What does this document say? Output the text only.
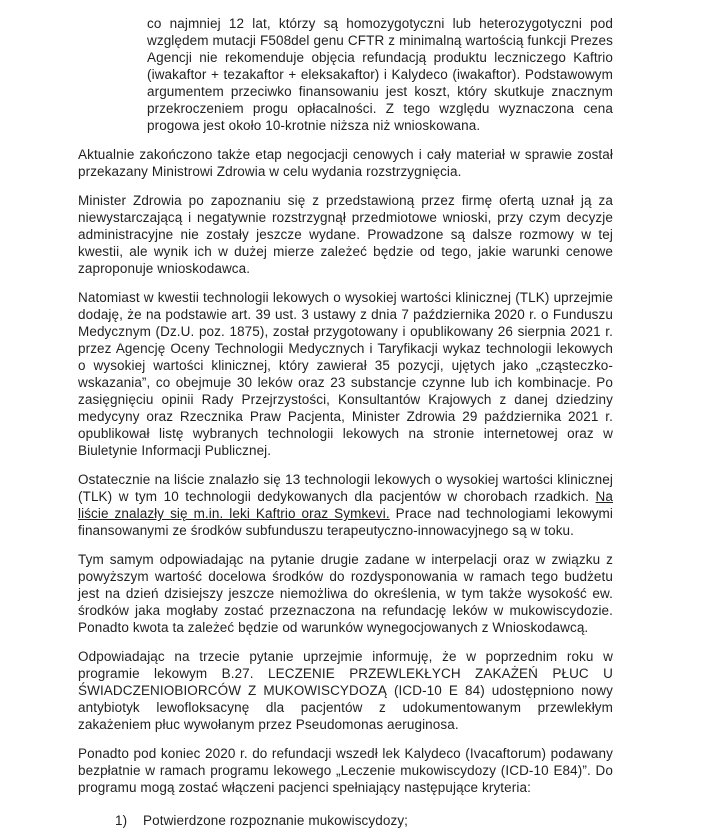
co najmniej 12 lat, którzy są homozygotyczni lub heterozygotyczni pod względem mutacji F508del genu CFTR z minimalną wartością funkcji Prezes Agencji nie rekomenduje objęcia refundacją produktu leczniczego Kaftrio (iwakaftor + tezakaftor + eleksakaftor) i Kalydeco (iwakaftor). Podstawowym argumentem przeciwko finansowaniu jest koszt, który skutkuje znacznym przekroczeniem progu opłacalności. Z tego względu wyznaczona cena progowa jest około 10-krotnie niższa niż wnioskowana.

Aktualnie zakończono także etap negocjacji cenowych i cały materiał w sprawie został przekazany Ministrowi Zdrowia w celu wydania rozstrzygnięcia.

Minister Zdrowia po zapoznaniu się z przedstawioną przez firmę ofertą uznał ją za niewystarczającą i negatywnie rozstrzygnął przedmiotowe wnioski, przy czym decyzje administracyjne nie zostały jeszcze wydane. Prowadzone są dalsze rozmowy w tej kwestii, ale wynik ich w dużej mierze zależeć będzie od tego, jakie warunki cenowe zaproponuje wnioskodawca.

Natomiast w kwestii technologii lekowych o wysokiej wartości klinicznej (TLK) uprzejmie dodaję, że na podstawie art. 39 ust. 3 ustawy z dnia 7 października 2020 r. o Funduszu Medycznym (Dz.U. poz. 1875), został przygotowany i opublikowany 26 sierpnia 2021 r. przez Agencję Oceny Technologii Medycznych i Taryfikacji wykaz technologii lekowych o wysokiej wartości klinicznej, który zawierał 35 pozycji, ujętych jako „cząsteczko-wskazania”, co obejmuje 30 leków oraz 23 substancje czynne lub ich kombinacje. Po zasięgnięciu opinii Rady Przejrzystości, Konsultantów Krajowych z danej dziedziny medycyny oraz Rzecznika Praw Pacjenta, Minister Zdrowia 29 października 2021 r. opublikował listę wybranych technologii lekowych na stronie internetowej oraz w Biuletynie Informacji Publicznej.

Ostatecznie na liście znalazło się 13 technologii lekowych o wysokiej wartości klinicznej (TLK) w tym 10 technologii dedykowanych dla pacjentów w chorobach rzadkich. Na liście znalazły się m.in. leki Kaftrio oraz Symkevi. Prace nad technologiami lekowymi finansowanymi ze środków subfunduszu terapeutyczno-innowacyjnego są w toku.

Tym samym odpowiadając na pytanie drugie zadane w interpelacji oraz w związku z powyższym wartość docelowa środków do rozdysponowania w ramach tego budżetu jest na dzień dzisiejszy jeszcze niemożliwa do określenia, w tym także wysokość ew. środków jaka mogłaby zostać przeznaczona na refundację leków w mukowiscydozie. Ponadto kwota ta zależeć będzie od warunków wynegocjowanych z Wnioskodawcą.

Odpowiadając na trzecie pytanie uprzejmie informuję, że w poprzednim roku w programie lekowym B.27. LECZENIE PRZEWLEKŁYCH ZAKAŻEŃ PŁUC U ŚWIADCZENIOBIORCÓW Z MUKOWISCYDOZĄ (ICD-10 E 84) udostępniono nowy antybiotyk lewofloksacynę dla pacjentów z udokumentowanym przewlekłym zakażeniem płuc wywołanym przez Pseudomonas aeruginosa.

Ponadto pod koniec 2020 r. do refundacji wszedł lek Kalydeco (Ivacaftorum) podawany bezpłatnie w ramach programu lekowego „Leczenie mukowiscydozy (ICD-10 E84)”. Do programu mogą zostać włączeni pacjenci spełniający następujące kryteria:

1)	Potwierdzone rozpoznanie mukowiscydozy;
